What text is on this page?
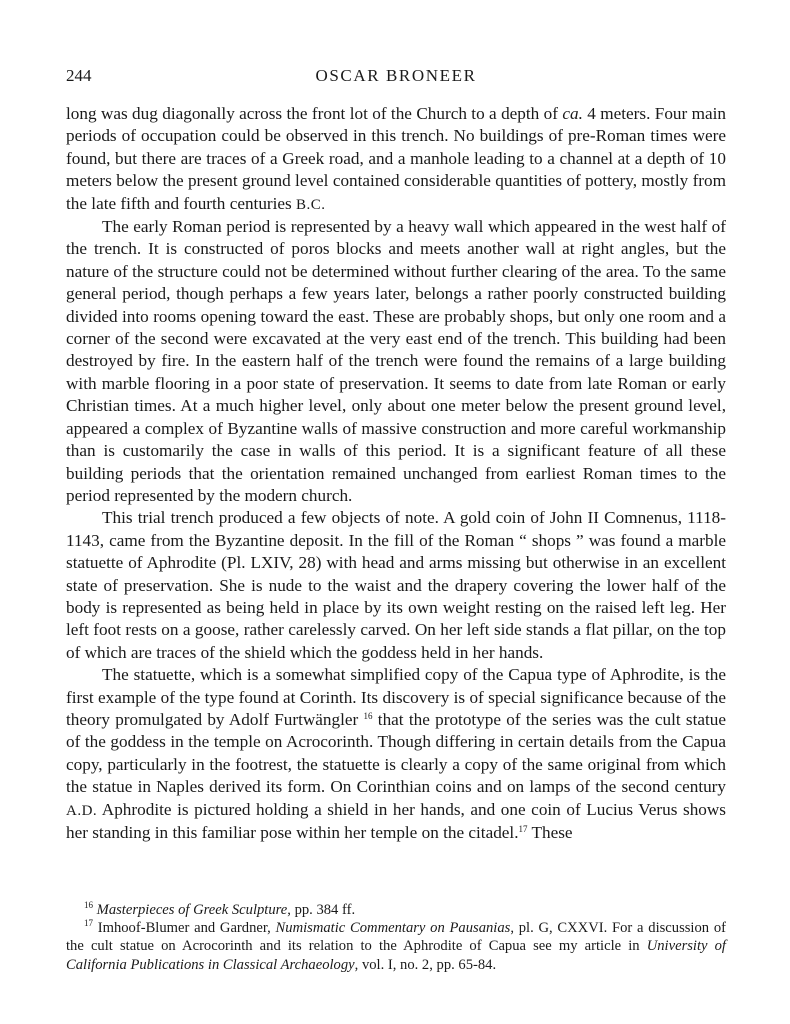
244	OSCAR BRONEER

long was dug diagonally across the front lot of the Church to a depth of ca. 4 meters. Four main periods of occupation could be observed in this trench. No buildings of pre-Roman times were found, but there are traces of a Greek road, and a manhole leading to a channel at a depth of 10 meters below the present ground level contained considerable quantities of pottery, mostly from the late fifth and fourth centuries B.C.

The early Roman period is represented by a heavy wall which appeared in the west half of the trench. It is constructed of poros blocks and meets another wall at right angles, but the nature of the structure could not be determined without further clearing of the area. To the same general period, though perhaps a few years later, belongs a rather poorly constructed building divided into rooms opening toward the east. These are probably shops, but only one room and a corner of the second were excavated at the very east end of the trench. This building had been destroyed by fire. In the eastern half of the trench were found the remains of a large building with marble flooring in a poor state of preservation. It seems to date from late Roman or early Christian times. At a much higher level, only about one meter below the present ground level, appeared a complex of Byzantine walls of massive construction and more careful workmanship than is customarily the case in walls of this period. It is a significant feature of all these building periods that the orientation remained unchanged from earliest Roman times to the period represented by the modern church.

This trial trench produced a few objects of note. A gold coin of John II Comnenus, 1118-1143, came from the Byzantine deposit. In the fill of the Roman “ shops ” was found a marble statuette of Aphrodite (Pl. LXIV, 28) with head and arms missing but otherwise in an excellent state of preservation. She is nude to the waist and the drapery covering the lower half of the body is represented as being held in place by its own weight resting on the raised left leg. Her left foot rests on a goose, rather carelessly carved. On her left side stands a flat pillar, on the top of which are traces of the shield which the goddess held in her hands.

The statuette, which is a somewhat simplified copy of the Capua type of Aphrodite, is the first example of the type found at Corinth. Its discovery is of special significance because of the theory promulgated by Adolf Furtwängler $^{16}$ that the prototype of the series was the cult statue of the goddess in the temple on Acrocorinth. Though differing in certain details from the Capua copy, particularly in the footrest, the statuette is clearly a copy of the same original from which the statue in Naples derived its form. On Corinthian coins and on lamps of the second century A.D. Aphrodite is pictured holding a shield in her hands, and one coin of Lucius Verus shows her standing in this familiar pose within her temple on the citadel.$^{17}$ These

$^{16}$ Masterpieces of Greek Sculpture, pp. 384 ff.

$^{17}$ Imhoof-Blumer and Gardner, Numismatic Commentary on Pausanias, pl. G, CXXVI. For a discussion of the cult statue on Acrocorinth and its relation to the Aphrodite of Capua see my article in University of California Publications in Classical Archaeology, vol. I, no. 2, pp. 65-84.
